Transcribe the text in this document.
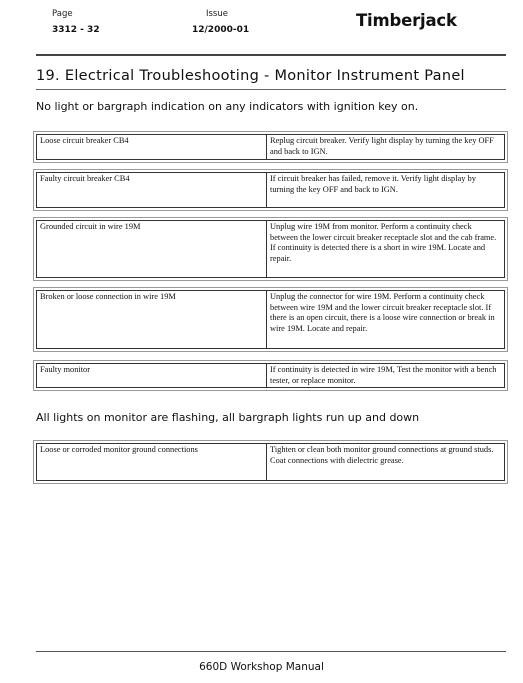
Page
3312 - 32
Issue
12/2000-01	Timberjack
19. Electrical Troubleshooting - Monitor Instrument Panel
No light or bargraph indication on any indicators with ignition key on.
Loose circuit breaker CB4	Replug circuit breaker. Verify light display by turning the key OFF and back to IGN.
Faulty circuit breaker CB4	If circuit breaker has failed, remove it. Verify light display by turning the key OFF and back to IGN.
Grounded circuit in wire 19M	Unplug wire 19M from monitor. Perform a continuity check between the lower circuit breaker receptacle slot and the cab frame. If continuity is detected there is a short in wire 19M. Locate and repair.
Broken or loose connection in wire 19M	Unplug the connector for wire 19M. Perform a continuity check between wire 19M and the lower circuit breaker receptacle slot. If there is an open circuit, there is a loose wire connection or break in wire 19M. Locate and repair.
Faulty monitor	If continuity is detected in wire 19M, Test the monitor with a bench tester, or replace monitor.
All lights on monitor are flashing, all bargraph lights run up and down
Loose or corroded monitor ground connections	Tighten or clean both monitor ground connections at ground studs. Coat connections with dielectric grease.
660D Workshop Manual
